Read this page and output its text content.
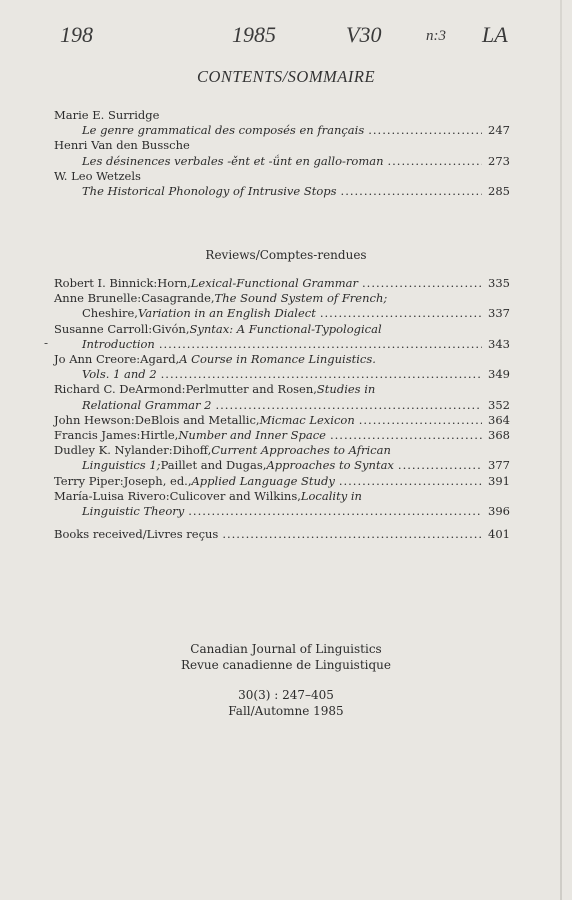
198	1985	V30	n:3 LA
CONTENTS/SOMMAIRE
Marie E. Surridge
Le genre grammatical des composés en français .....	247
Henri Van den Bussche
Les désinences verbales -ěnt et -ǘnt en gallo-roman .....	273
W. Leo Wetzels
The Historical Phonology of Intrusive Stops .....	285
Reviews/Comptes-rendues
-
Robert I. Binnick: Horn, Lexical-Functional Grammar .....	335
Anne Brunelle: Casagrande, The Sound System of French;
Cheshire, Variation in an English Dialect .....	337
Susanne Carroll: Givón, Syntax: A Functional-Typological
Introduction .....	343
Jo Ann Creore: Agard, A Course in Romance Linguistics.
Vols. 1 and 2 .....	349
Richard C. DeArmond: Perlmutter and Rosen, Studies in
Relational Grammar 2 .....	352
John Hewson: DeBlois and Metallic, Micmac Lexicon .....	364
Francis James: Hirtle, Number and Inner Space .....	368
Dudley K. Nylander: Dihoff, Current Approaches to African
Linguistics 1; Paillet and Dugas, Approaches to Syntax .....	377
Terry Piper: Joseph, ed., Applied Language Study .....	391
María-Luisa Rivero: Culicover and Wilkins, Locality in
Linguistic Theory .....	396
Books received/Livres reçus .....	401
Canadian Journal of Linguistics
Revue canadienne de Linguistique
30(3) : 247–405
Fall/Automne 1985
